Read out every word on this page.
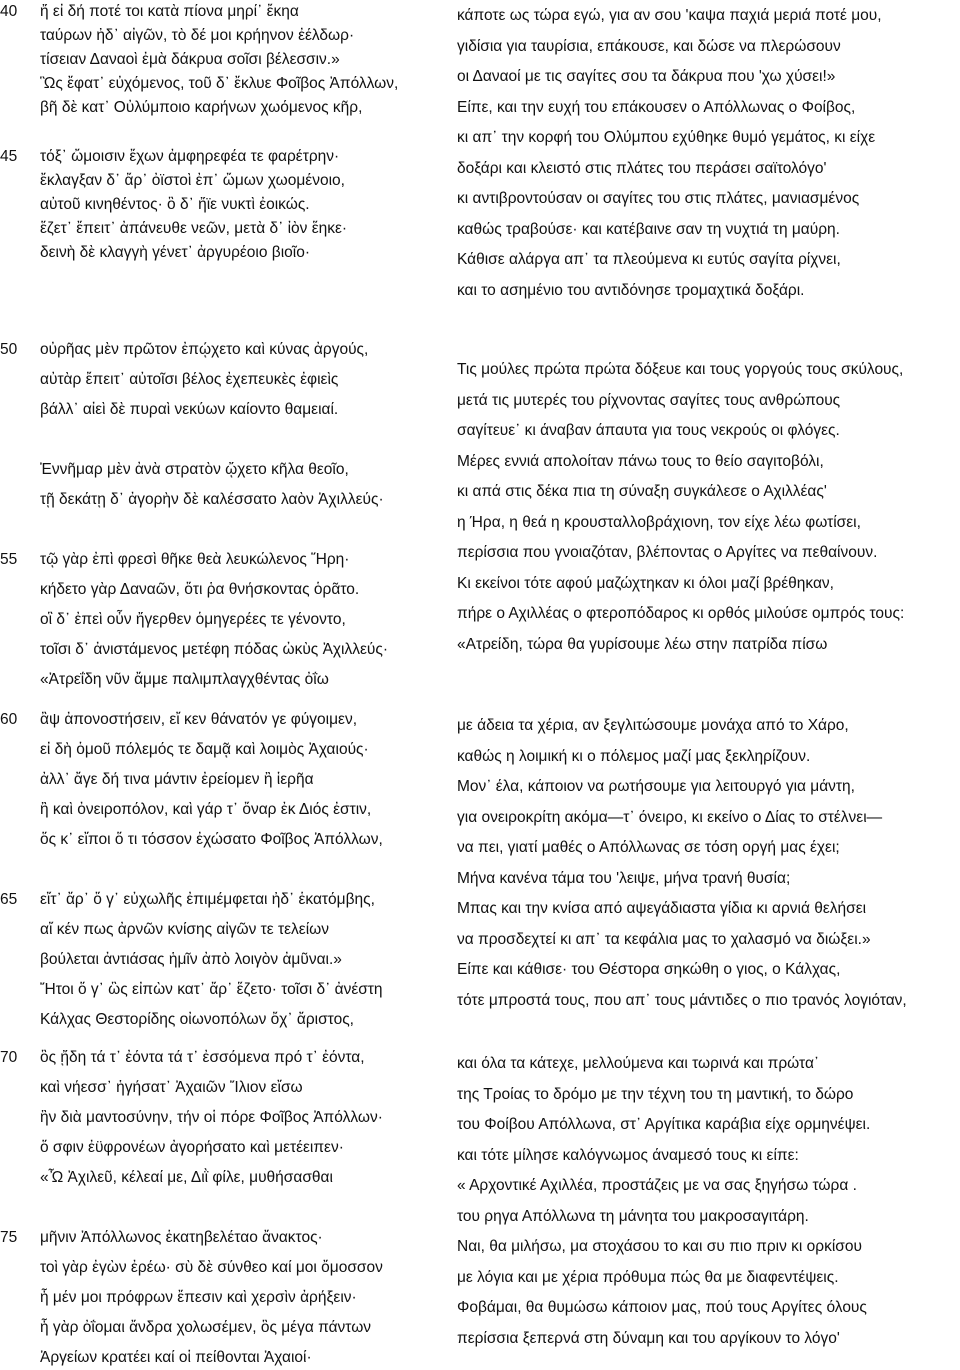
40
45
ἤ εἰ δή ποτέ τοι κατὰ πίονα μηρί᾽ ἔκηα
ταύρων ἠδ᾽ αἰγῶν, τὸ δέ μοι κρήηνον ἐέλδωρ·
τίσειαν Δαναοὶ ἐμὰ δάκρυα σοῖσι βέλεσσιν.»
Ὣς ἔφατ᾽ εὐχόμενος, τοῦ δ᾽ ἔκλυε Φοῖβος Ἀπόλλων,
βῆ δὲ κατ᾽ Οὐλύμποιο καρήνων χωόμενος κῆρ,
τόξ᾽ ὤμοισιν ἔχων ἀμφηρεφέα τε φαρέτρην·
ἔκλαγξαν δ᾽ ἄρ᾽ ὀϊστοὶ ἐπ᾽ ὤμων χωομένοιο,
αὐτοῦ κινηθέντος· ὃ δ᾽ ἤϊε νυκτὶ ἐοικώς.
ἕζετ᾽ ἔπειτ᾽ ἀπάνευθε νεῶν, μετὰ δ᾽ ἰὸν ἕηκε·
δεινὴ δὲ κλαγγὴ γένετ᾽ ἀργυρέοιο βιοῖο·
κάποτε ως τώρα εγώ, για αν σου 'καψα παχιά μεριά ποτέ μου,
γιδίσια για ταυρίσια, επάκουσε, και δώσε να πλερώσουν
οι Δαναοί με τις σαγίτες σου τα δάκρυα που 'χω χύσει!»
Είπε, και την ευχή του επάκουσεν ο Απόλλωνας ο Φοίβος,
κι απ᾽ την κορφή του Ολύμπου εχύθηκε θυμό γεμάτος, κι είχε
δοξάρι και κλειστό στις πλάτες του περάσει σαϊτολόγο'
κι αντιβροντούσαν οι σαγίτες του στις πλάτες, μανιασμένος
καθώς τραβούσε· και κατέβαινε σαν τη νυχτιά τη μαύρη.
Κάθισε αλάργα απ᾽ τα πλεούμενα κι ευτύς σαγίτα ρίχνει,
και το ασημένιο του αντιδόνησε τρομαχτικά δοξάρι.
50
55
οὐρῆας μὲν πρῶτον ἐπῴχετο καὶ κύνας ἀργούς,
αὐτὰρ ἔπειτ᾽ αὐτοῖσι βέλος ἐχεπευκὲς ἐφιεὶς
βάλλ᾽ αἰεὶ δὲ πυραὶ νεκύων καίοντο θαμειαί.
Ἐννῆμαρ μὲν ἀνὰ στρατὸν ᾤχετο κῆλα θεοῖο,
τῇ δεκάτῃ δ᾽ ἀγορὴν δὲ καλέσσατο λαὸν Ἀχιλλεύς·
τῷ γὰρ ἐπὶ φρεσὶ θῆκε θεὰ λευκώλενος Ἥρη·
κήδετο γὰρ Δαναῶν, ὅτι ῥα θνήσκοντας ὁρᾶτο.
οἳ δ᾽ ἐπεὶ οὖν ἤγερθεν ὁμηγερέες τε γένοντο,
τοῖσι δ᾽ ἀνιστάμενος μετέφη πόδας ὠκὺς Ἀχιλλεύς·
«Ἀτρεΐδη νῦν ἄμμε παλιμπλαγχθέντας ὀΐω
Τις μούλες πρώτα πρώτα δόξευε και τους γοργούς τους σκύλους,
μετά τις μυτερές του ρίχνοντας σαγίτες τους ανθρώπους
σαγίτευε᾽ κι άναβαν άπαυτα για τους νεκρούς οι φλόγες.
Μέρες εννιά απολοίταν πάνω τους το θείο σαγιτοβόλι,
κι απά στις δέκα πια τη σύναξη συγκάλεσε ο Αχιλλέας'
η Ήρα, η θεά η κρουσταλλοβράχιονη, τον είχε λέω φωτίσει,
περίσσια που γνοιαζόταν, βλέποντας ο Αργίτες να πεθαίνουν.
Κι εκείνοι τότε αφού μαζώχτηκαν κι όλοι μαζί βρέθηκαν,
πήρε ο Αχιλλέας ο φτεροπόδαρος κι ορθός μιλούσε ομπρός τους:
«Ατρείδη, τώρα θα γυρίσουμε λέω στην πατρίδα πίσω
60
65
ἂψ ἀπονοστήσειν, εἴ κεν θάνατόν γε φύγοιμεν,
εἰ δὴ ὁμοῦ πόλεμός τε δαμᾷ καὶ λοιμὸς Ἀχαιούς·
ἀλλ᾽ ἄγε δή τινα μάντιν ἐρείομεν ἢ ἱερῆα
ἢ καὶ ὀνειροπόλον, καὶ γάρ τ᾽ ὄναρ ἐκ Διός ἐστιν,
ὅς κ᾽ εἴποι ὅ τι τόσσον ἐχώσατο Φοῖβος Ἀπόλλων,
εἴτ᾽ ἄρ᾽ ὅ γ᾽ εὐχωλῆς ἐπιμέμφεται ἠδ᾽ ἑκατόμβης,
αἴ κέν πως ἀρνῶν κνίσης αἰγῶν τε τελείων
βούλεται ἀντιάσας ἡμῖν ἀπὸ λοιγὸν ἀμῦναι.»
Ἤτοι ὅ γ᾽ ὣς εἰπὼν κατ᾽ ἄρ᾽ ἕζετο· τοῖσι δ᾽ ἀνέστη
Κάλχας Θεστορίδης οἰωνοπόλων ὄχ᾽ ἄριστος,
με άδεια τα χέρια, αν ξεγλιτώσουμε μονάχα από το Χάρο,
καθώς η λοιμική κι ο πόλεμος μαζί μας ξεκληρίζουν.
Μον᾽ έλα, κάποιον να ρωτήσουμε για λειτουργό για μάντη,
για ονειροκρίτη ακόμα—τ᾽ όνειρο, κι εκείνο ο Δίας το στέλνει—
να πει, γιατί μαθές ο Απόλλωνας σε τόση οργή μας έχει;
Μήνα κανένα τάμα του 'λειψε, μήνα τρανή θυσία;
Μπας και την κνίσα από αψεγάδιαστα γίδια κι αρνιά θελήσει
να προσδεχτεί κι απ᾽ τα κεφάλια μας το χαλασμό να διώξει.»
Είπε και κάθισε· του Θέστορα σηκώθη ο γιος, ο Κάλχας,
τότε μπροστά τους, που απ᾽ τους μάντιδες ο πιο τρανός λογιόταν,
70
75
ὃς ᾔδη τά τ᾽ ἐόντα τά τ᾽ ἐσσόμενα πρό τ᾽ ἐόντα,
καὶ νήεσσ᾽ ἡγήσατ᾽ Ἀχαιῶν Ἴλιον εἴσω
ἣν διὰ μαντοσύνην, τήν οἱ πόρε Φοῖβος Ἀπόλλων·
ὅ σφιν ἐϋφρονέων ἀγορήσατο καὶ μετέειπεν·
«Ὦ Ἀχιλεῦ, κέλεαί με, Διῒ φίλε, μυθήσασθαι
μῆνιν Ἀπόλλωνος ἑκατηβελέταο ἄνακτος·
τοὶ γὰρ ἐγὼν ἐρέω· σὺ δὲ σύνθεο καί μοι ὄμοσσον
ἦ μέν μοι πρόφρων ἔπεσιν καὶ χερσὶν ἀρήξειν·
ἦ γὰρ ὀΐομαι ἄνδρα χολωσέμεν, ὃς μέγα πάντων
Ἀργείων κρατέει καί οἱ πείθονται Ἀχαιοί·
και όλα τα κάτεχε, μελλούμενα και τωρινά και πρώτα᾽
της Τροίας το δρόμο με την τέχνη του τη μαντική, το δώρο
του Φοίβου Απόλλωνα, στ᾽ Αργίτικα καράβια είχε ορμηνέψει.
και τότε μίλησε καλόγνωμος άναμεσό τους κι είπε:
« Αρχοντικέ Αχιλλέα, προστάζεις με να σας ξηγήσω τώρα .
του ρηγα Απόλλωνα τη μάνητα του μακροσαγιτάρη.
Ναι, θα μιλήσω, μα στοχάσου το και συ πιο πριν κι ορκίσου
με λόγια και με χέρια πρόθυμα πώς θα με διαφεντέψεις.
Φοβάμαι, θα θυμώσω κάποιον μας, πού τους Αργίτες όλους
περίσσια ξεπερνά στη δύναμη και του αργίκουν το λόγο'
